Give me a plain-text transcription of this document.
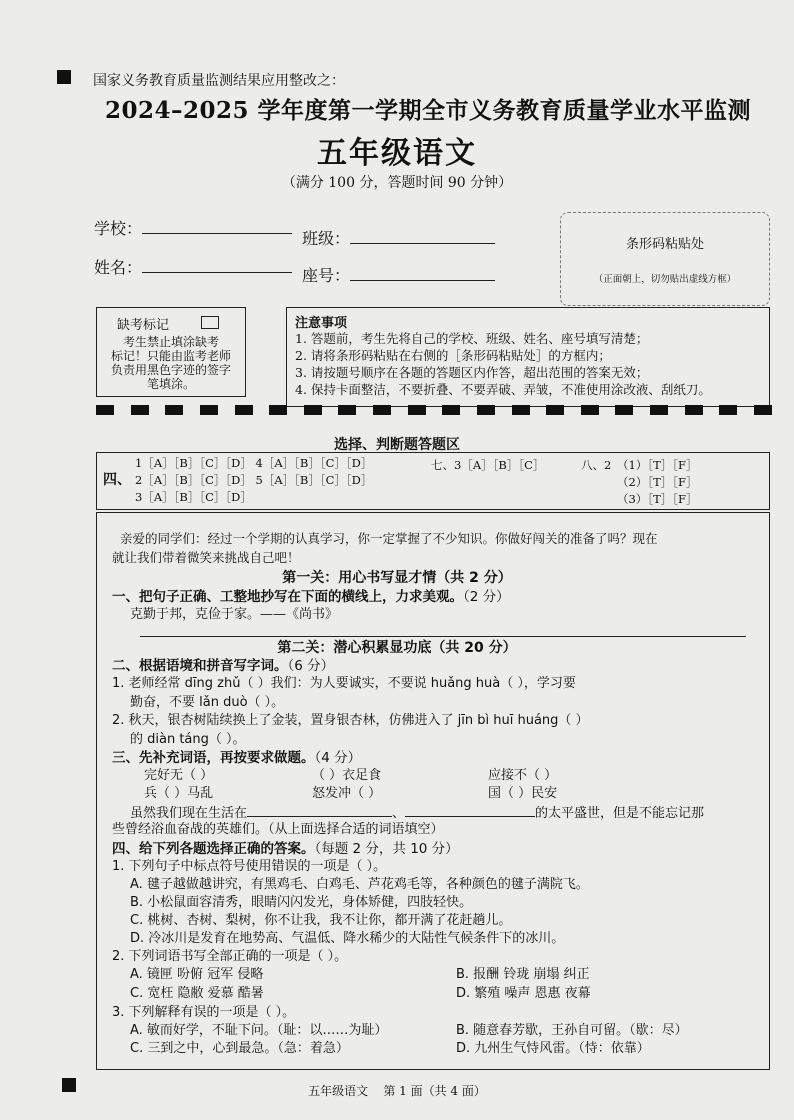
国家义务教育质量监测结果应用整改之：
2024–2025 学年度第一学期全市义务教育质量学业水平监测
五年级语文
（满分 100 分，答题时间 90 分钟）
学校：
班级：
姓名：	座号：
条形码粘贴处
（正面朝上，切勿贴出虚线方框）
缺考标记
考生禁止填涂缺考
标记！只能由监考老师
负责用黑色字迹的签字
笔填涂。
注意事项
1. 答题前，考生先将自己的学校、班级、姓名、座号填写清楚；
2. 请将条形码粘贴在右侧的［条形码粘贴处］的方框内；
3. 请按题号顺序在各题的答题区内作答，超出范围的答案无效；
4. 保持卡面整洁，不要折叠、不要弄破、弄皱，不准使用涂改液、刮纸刀。
选择、判断题答题区
四、
1［A］［B］［C］［D］ 4［A］［B］［C］［D］
2［A］［B］［C］［D］ 5［A］［B］［C］［D］
3［A］［B］［C］［D］
七、3［A］［B］［C］	八、2 （1）［T］［F］
（2）［T］［F］
（3）［T］［F］
亲爱的同学们：经过一个学期的认真学习，你一定掌握了不少知识。你做好闯关的准备了吗？现在
就让我们带着微笑来挑战自己吧！
第一关：用心书写显才情（共 2 分）
一、把句子正确、工整地抄写在下面的横线上，力求美观。（2 分）
克勤于邦，克俭于家。——《尚书》
第二关：潜心积累显功底（共 20 分）
二、根据语境和拼音写字词。（6 分）
1. 老师经常 dīng zhǔ（ ）我们：为人要诚实，不要说 huǎng huà（ ），学习要
勤奋，不要 lǎn duò（ ）。
2. 秋天，银杏树陆续换上了金装，置身银杏林，仿佛进入了 jīn bì huī huáng（ ）
的 diàn táng（ ）。
三、先补充词语，再按要求做题。（4 分）
完好无（ ）	（ ）衣足食	应接不（ ）
兵（ ）马乱	怒发冲（ ）	国（ ）民安
虽然我们现在生活在	、	的太平盛世，但是不能忘记那
些曾经浴血奋战的英雄们。（从上面选择合适的词语填空）
四、给下列各题选择正确的答案。（每题 2 分，共 10 分）
1. 下列句子中标点符号使用错误的一项是（ ）。
A. 毽子越做越讲究，有黑鸡毛、白鸡毛、芦花鸡毛等，各种颜色的毽子满院飞。
B. 小松鼠面容清秀，眼睛闪闪发光，身体矫健，四肢轻快。
C. 桃树、杏树、梨树，你不让我，我不让你，都开满了花赶趟儿。
D. 冷冰川是发育在地势高、气温低、降水稀少的大陆性气候条件下的冰川。
2. 下列词语书写全部正确的一项是（ ）。
A. 镜匣 吩俯 冠军 侵略	B. 报酬 铃珑 崩塌 纠正
C. 宽枉 隐敝 爱慕 酷暑	D. 繁殖 噪声 恩惠 夜幕
3. 下列解释有误的一项是（ ）。
A. 敏而好学，不耻下问。（耻：以……为耻）	B. 随意春芳歇，王孙自可留。（歇：尽）
C. 三到之中，心到最急。（急：着急）	D. 九州生气恃风雷。（恃：依靠）
五年级语文    第 1 面（共 4 面）
